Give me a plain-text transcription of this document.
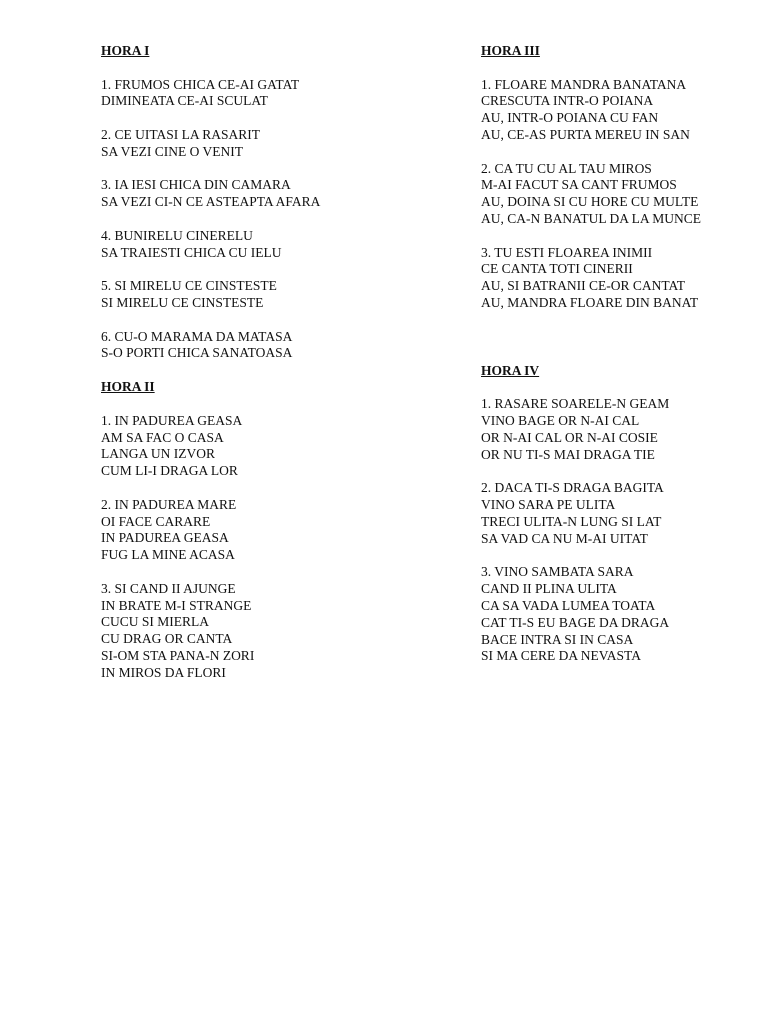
HORA I
1. FRUMOS CHICA CE-AI GATAT
DIMINEATA CE-AI SCULAT
2. CE UITASI LA RASARIT
SA VEZI CINE O VENIT
3. IA IESI CHICA DIN CAMARA
SA VEZI CI-N CE ASTEAPTA AFARA
4. BUNIRELU CINERELU
SA TRAIESTI CHICA CU IELU
5. SI MIRELU CE CINSTESTE
SI MIRELU CE CINSTESTE
6. CU-O MARAMA DA MATASA
S-O PORTI CHICA SANATOASA
HORA II
1. IN PADUREA GEASA
AM SA FAC O CASA
LANGA UN IZVOR
CUM LI-I DRAGA LOR
2. IN PADUREA MARE
OI FACE CARARE
IN PADUREA GEASA
FUG LA MINE ACASA
3. SI CAND II AJUNGE
IN BRATE M-I STRANGE
CUCU SI MIERLA
CU DRAG OR CANTA
SI-OM STA PANA-N ZORI
IN MIROS DA FLORI
HORA III
1. FLOARE MANDRA BANATANA
CRESCUTA INTR-O POIANA
AU, INTR-O POIANA CU FAN
AU, CE-AS PURTA MEREU IN SAN
2. CA TU CU AL TAU MIROS
M-AI FACUT SA CANT FRUMOS
AU, DOINA SI CU HORE CU MULTE
AU, CA-N BANATUL DA LA MUNCE
3. TU ESTI FLOAREA INIMII
CE CANTA TOTI CINERII
AU, SI BATRANII CE-OR CANTAT
AU, MANDRA FLOARE DIN BANAT
HORA IV
1. RASARE SOARELE-N GEAM
VINO BAGE OR N-AI CAL
OR N-AI CAL OR N-AI COSIE
OR NU TI-S MAI DRAGA TIE
2. DACA TI-S DRAGA BAGITA
VINO SARA PE ULITA
TRECI ULITA-N LUNG SI LAT
SA VAD CA NU M-AI UITAT
3. VINO SAMBATA SARA
CAND II PLINA ULITA
CA SA VADA LUMEA TOATA
CAT TI-S EU BAGE DA DRAGA
BACE INTRA SI IN CASA
SI MA CERE DA NEVASTA
